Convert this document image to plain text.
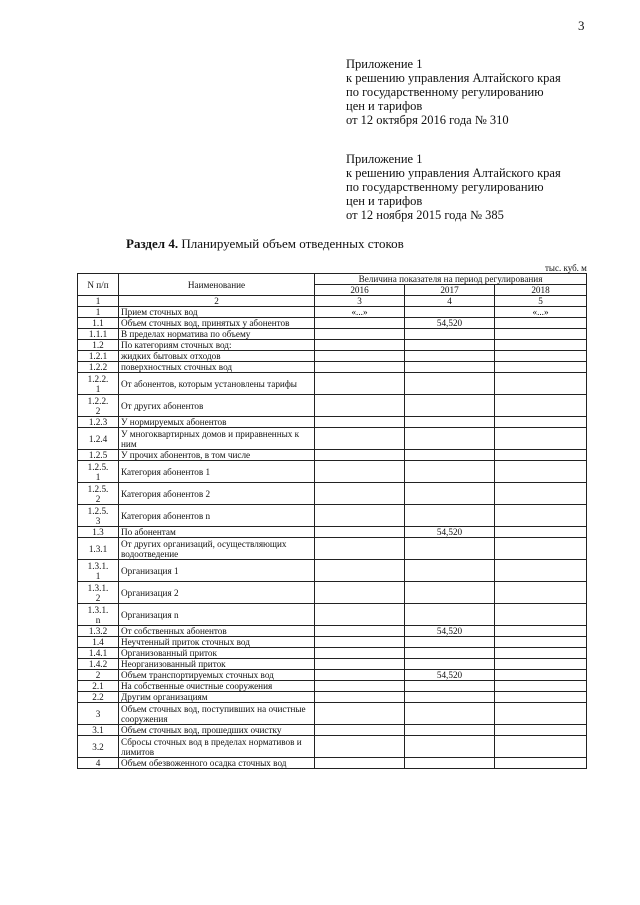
3
Приложение 1
к решению управления Алтайского края
по государственному регулированию
цен и тарифов
от 12 октября 2016 года № 310
Приложение 1
к решению управления Алтайского края
по государственному регулированию
цен и тарифов
от 12 ноября 2015 года № 385
Раздел 4. Планируемый объем отведенных стоков
тыс. куб. м
N п/п	Наименование	Величина показателя на период регулирования		
		2016	2017	2018
1	2	3	4	5
1	Прием сточных вод	«...»		«...»
1.1	Объем сточных вод, принятых у абонентов		54,520	
1.1.1	В пределах норматива по объему			
1.2	По категориям сточных вод:			
1.2.1	жидких бытовых отходов			
1.2.2	поверхностных сточных вод			
1.2.2.
1	От абонентов, которым установлены тарифы			
1.2.2.
2	От других абонентов			
1.2.3	У нормируемых абонентов			
1.2.4	У многоквартирных домов и приравненных к ним			
1.2.5	У прочих абонентов, в том числе			
1.2.5.
1	Категория абонентов 1			
1.2.5.
2	Категория абонентов 2			
1.2.5.
3	Категория абонентов n			
1.3	По абонентам		54,520	
1.3.1	От других организаций, осуществляющих водоотведение			
1.3.1.
1	Организация 1			
1.3.1.
2	Организация 2			
1.3.1.
n	Организация n			
1.3.2	От собственных абонентов		54,520	
1.4	Неучтенный приток сточных вод			
1.4.1	Организованный приток			
1.4.2	Неорганизованный приток			
2	Объем транспортируемых сточных вод		54,520	
2.1	На собственные очистные сооружения			
2.2	Другим организациям			
3	Объем сточных вод, поступивших на очистные сооружения			
3.1	Объем сточных вод, прошедших очистку			
3.2	Сбросы сточных вод в пределах нормативов и лимитов			
4	Объем обезвоженного осадка сточных вод			
